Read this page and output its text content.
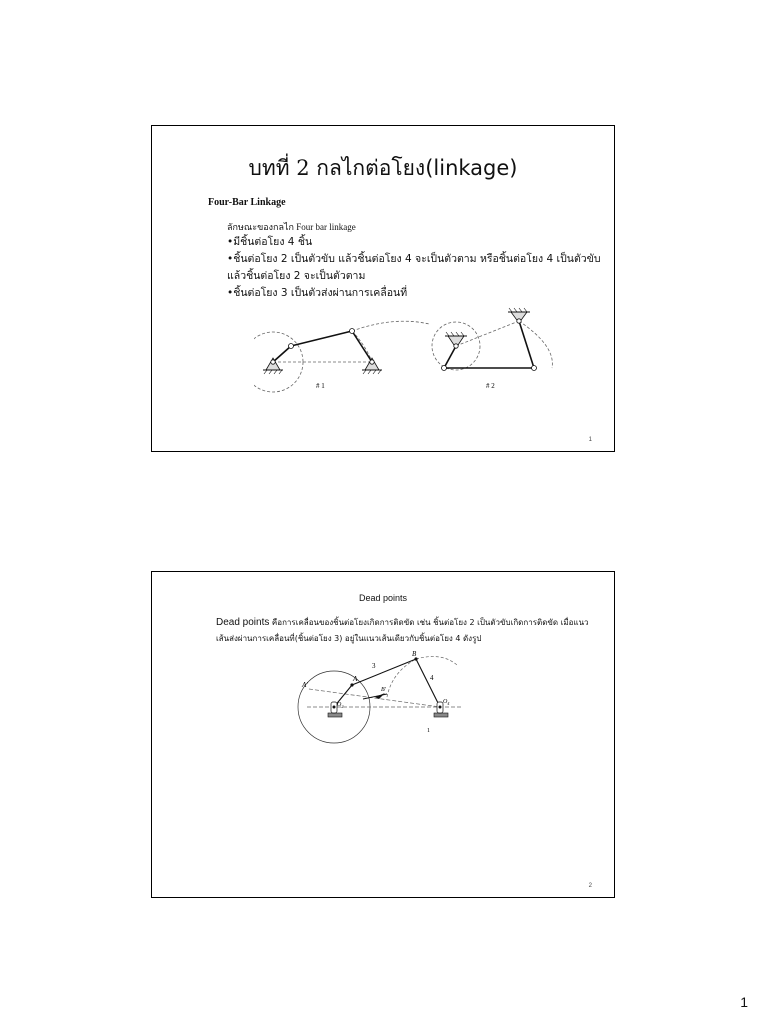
บทที่ 2 กลไกต่อโยง(linkage)
Four-Bar Linkage
ลักษณะของกลไก Four bar linkage
•มีชิ้นต่อโยง 4 ชิ้น
•ชิ้นต่อโยง 2 เป็นตัวขับ แล้วชิ้นต่อโยง 4 จะเป็นตัวตาม หรือชิ้นต่อโยง 4 เป็นตัวขับ
แล้วชิ้นต่อโยง 2 จะเป็นตัวตาม
•ชิ้นต่อโยง 3 เป็นตัวส่งผ่านการเคลื่อนที่
# 1	# 2
1
Dead points
Dead points คือการเคลื่อนของชิ้นต่อโยงเกิดการติดขัด เช่น ชิ้นต่อโยง 2 เป็นตัวขับเกิดการติดขัด เมื่อแนว
เส้นส่งผ่านการเคลื่อนที่(ชิ้นต่อโยง 3) อยู่ในแนวเส้นเดียวกับชิ้นต่อโยง 4 ดังรูป
A'
A
B
B'
3
4
$O_2$
$O_4$
1
2
1
